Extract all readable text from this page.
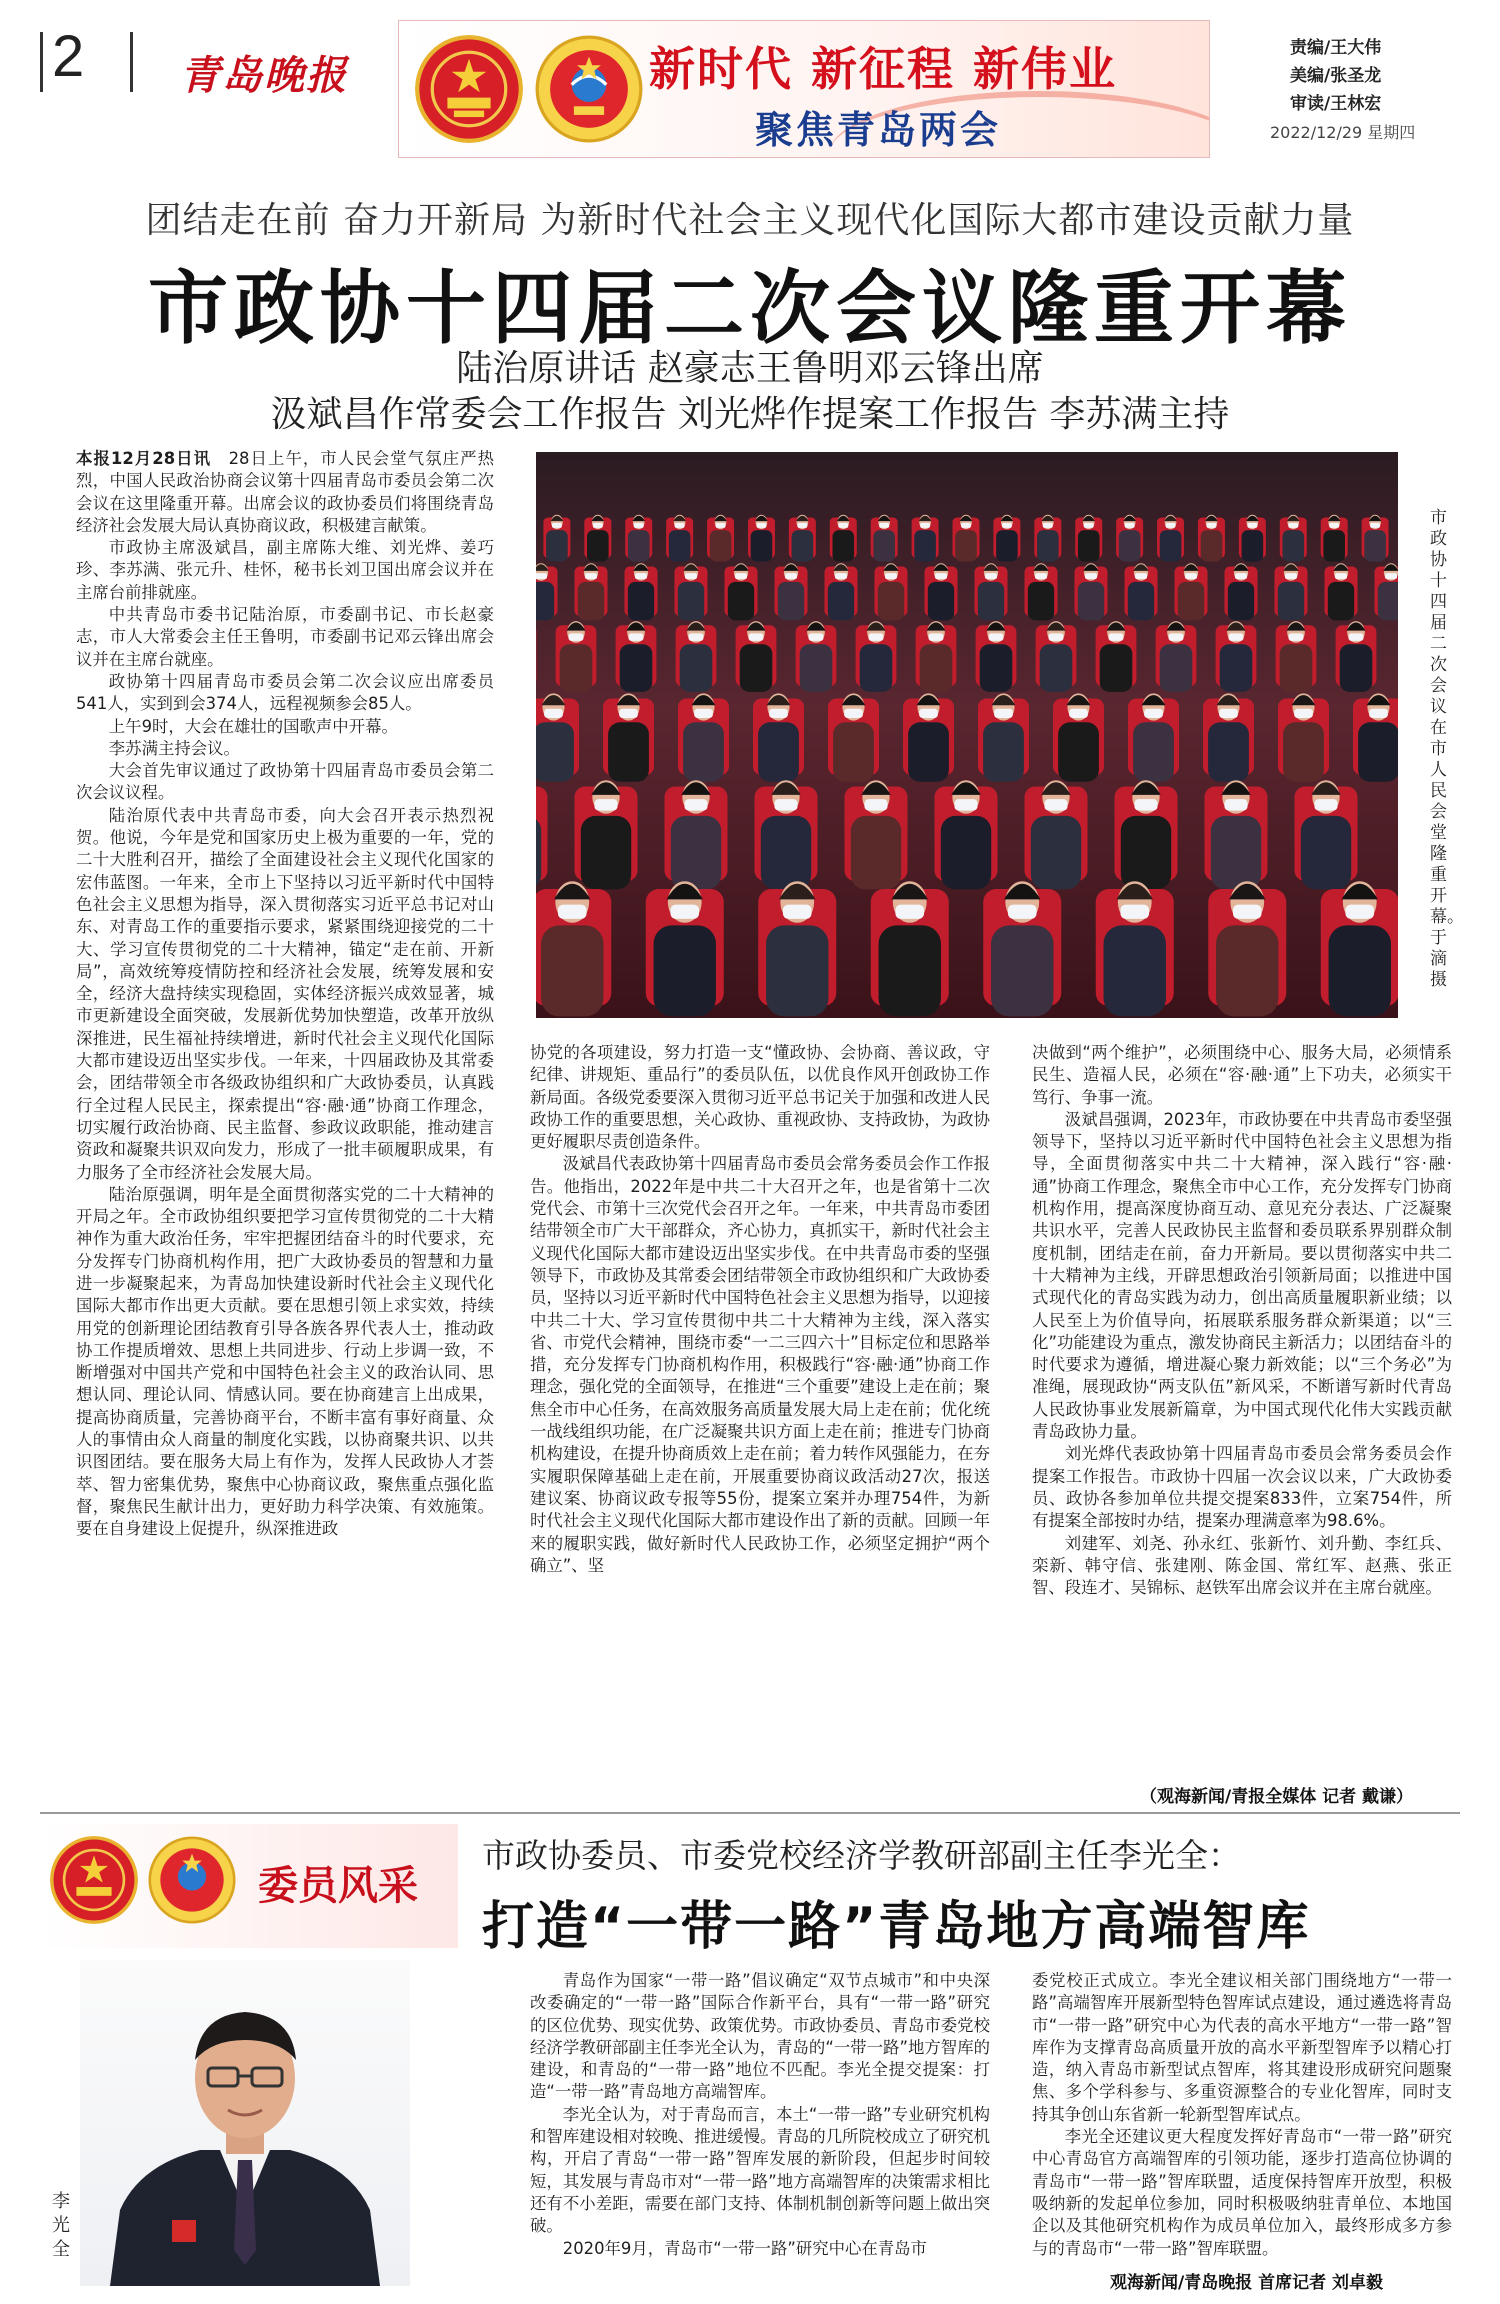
2 青岛晚报	新时代 新征程 新伟业
聚焦青岛两会
责编/王大伟
美编/张圣龙
审读/王林宏
2022/12/29 星期四
团结走在前 奋力开新局 为新时代社会主义现代化国际大都市建设贡献力量
市政协十四届二次会议隆重开幕
陆治原讲话 赵豪志王鲁明邓云锋出席
汲斌昌作常委会工作报告 刘光烨作提案工作报告 李苏满主持

本报12月28日讯　 28日上午，市人民会堂气氛庄严热烈，中国人民政治协商会议第十四届青岛市委员会第二次会议在这里隆重开幕。出席会议的政协委员们将围绕青岛经济社会发展大局认真协商议政，积极建言献策。

市政协主席汲斌昌，副主席陈大维、刘光烨、姜巧珍、李苏满、张元升、桂怀，秘书长刘卫国出席会议并在主席台前排就座。

中共青岛市委书记陆治原，市委副书记、市长赵豪志，市人大常委会主任王鲁明，市委副书记邓云锋出席会议并在主席台就座。

政协第十四届青岛市委员会第二次会议应出席委员541人，实到到会374人，远程视频参会85人。

上午9时，大会在雄壮的国歌声中开幕。

李苏满主持会议。

大会首先审议通过了政协第十四届青岛市委员会第二次会议议程。

陆治原代表中共青岛市委，向大会召开表示热烈祝贺。他说，今年是党和国家历史上极为重要的一年，党的二十大胜利召开，描绘了全面建设社会主义现代化国家的宏伟蓝图。一年来，全市上下坚持以习近平新时代中国特色社会主义思想为指导，深入贯彻落实习近平总书记对山东、对青岛工作的重要指示要求，紧紧围绕迎接党的二十大、学习宣传贯彻党的二十大精神，锚定“走在前、开新局”，高效统筹疫情防控和经济社会发展，统筹发展和安全，经济大盘持续实现稳固，实体经济振兴成效显著，城市更新建设全面突破，发展新优势加快塑造，改革开放纵深推进，民生福祉持续增进，新时代社会主义现代化国际大都市建设迈出坚实步伐。一年来，十四届政协及其常委会，团结带领全市各级政协组织和广大政协委员，认真践行全过程人民民主，探索提出“容·融·通”协商工作理念，切实履行政治协商、民主监督、参政议政职能，推动建言资政和凝聚共识双向发力，形成了一批丰硕履职成果，有力服务了全市经济社会发展大局。

陆治原强调，明年是全面贯彻落实党的二十大精神的开局之年。全市政协组织要把学习宣传贯彻党的二十大精神作为重大政治任务，牢牢把握团结奋斗的时代要求，充分发挥专门协商机构作用，把广大政协委员的智慧和力量进一步凝聚起来，为青岛加快建设新时代社会主义现代化国际大都市作出更大贡献。要在思想引领上求实效，持续用党的创新理论团结教育引导各族各界代表人士，推动政协工作提质增效、思想上共同进步、行动上步调一致，不断增强对中国共产党和中国特色社会主义的政治认同、思想认同、理论认同、情感认同。要在协商建言上出成果，提高协商质量，完善协商平台，不断丰富有事好商量、众人的事情由众人商量的制度化实践，以协商聚共识、以共识图团结。要在服务大局上有作为，发挥人民政协人才荟萃、智力密集优势，聚焦中心协商议政，聚焦重点强化监督，聚焦民生献计出力，更好助力科学决策、有效施策。要在自身建设上促提升，纵深推进政

市政协十四届二次会议在市人民会堂隆重开幕。 于滴 摄

协党的各项建设，努力打造一支“懂政协、会协商、善议政，守纪律、讲规矩、重品行”的委员队伍，以优良作风开创政协工作新局面。各级党委要深入贯彻习近平总书记关于加强和改进人民政协工作的重要思想，关心政协、重视政协、支持政协，为政协更好履职尽责创造条件。

汲斌昌代表政协第十四届青岛市委员会常务委员会作工作报告。他指出，2022年是中共二十大召开之年，也是省第十二次党代会、市第十三次党代会召开之年。一年来，中共青岛市委团结带领全市广大干部群众，齐心协力，真抓实干，新时代社会主义现代化国际大都市建设迈出坚实步伐。在中共青岛市委的坚强领导下，市政协及其常委会团结带领全市政协组织和广大政协委员，坚持以习近平新时代中国特色社会主义思想为指导，以迎接中共二十大、学习宣传贯彻中共二十大精神为主线，深入落实省、市党代会精神，围绕市委“一二三四六十”目标定位和思路举措，充分发挥专门协商机构作用，积极践行“容·融·通”协商工作理念，强化党的全面领导，在推进“三个重要”建设上走在前；聚焦全市中心任务，在高效服务高质量发展大局上走在前；优化统一战线组织功能，在广泛凝聚共识方面上走在前；推进专门协商机构建设，在提升协商质效上走在前；着力转作风强能力，在夯实履职保障基础上走在前，开展重要协商议政活动27次，报送建议案、协商议政专报等55份，提案立案并办理754件，为新时代社会主义现代化国际大都市建设作出了新的贡献。回顾一年来的履职实践，做好新时代人民政协工作，必须坚定拥护“两个确立”、坚

决做到“两个维护”，必须围绕中心、服务大局，必须情系民生、造福人民，必须在“容·融·通”上下功夫，必须实干笃行、争事一流。

汲斌昌强调，2023年，市政协要在中共青岛市委坚强领导下，坚持以习近平新时代中国特色社会主义思想为指导，全面贯彻落实中共二十大精神，深入践行“容·融·通”协商工作理念，聚焦全市中心工作，充分发挥专门协商机构作用，提高深度协商互动、意见充分表达、广泛凝聚共识水平，完善人民政协民主监督和委员联系界别群众制度机制，团结走在前，奋力开新局。要以贯彻落实中共二十大精神为主线，开辟思想政治引领新局面；以推进中国式现代化的青岛实践为动力，创出高质量履职新业绩；以人民至上为价值导向，拓展联系服务群众新渠道；以“三化”功能建设为重点，激发协商民主新活力；以团结奋斗的时代要求为遵循，增进凝心聚力新效能；以“三个务必”为准绳，展现政协“两支队伍”新风采，不断谱写新时代青岛人民政协事业发展新篇章，为中国式现代化伟大实践贡献青岛政协力量。

刘光烨代表政协第十四届青岛市委员会常务委员会作提案工作报告。市政协十四届一次会议以来，广大政协委员、政协各参加单位共提交提案833件，立案754件，所有提案全部按时办结，提案办理满意率为98.6%。

刘建军、刘尧、孙永红、张新竹、刘升勤、李红兵、栾新、韩守信、张建刚、陈金国、常红军、赵燕、张正智、段连才、吴锦标、赵铁军出席会议并在主席台就座。

（观海新闻/青报全媒体 记者 戴谦）
委员风采
市政协委员、市委党校经济学教研部副主任李光全：
打造“一带一路”青岛地方高端智库
李光全

青岛作为国家“一带一路”倡议确定“双节点城市”和中央深改委确定的“一带一路”国际合作新平台，具有“一带一路”研究的区位优势、现实优势、政策优势。市政协委员、青岛市委党校经济学教研部副主任李光全认为，青岛的“一带一路”地方智库的建设，和青岛的“一带一路”地位不匹配。李光全提交提案：打造“一带一路”青岛地方高端智库。

李光全认为，对于青岛而言，本土“一带一路”专业研究机构和智库建设相对较晚、推进缓慢。青岛的几所院校成立了研究机构，开启了青岛“一带一路”智库发展的新阶段，但起步时间较短，其发展与青岛市对“一带一路”地方高端智库的决策需求相比还有不小差距，需要在部门支持、体制机制创新等问题上做出突破。

2020年9月，青岛市“一带一路”研究中心在青岛市

委党校正式成立。李光全建议相关部门围绕地方“一带一路”高端智库开展新型特色智库试点建设，通过遴选将青岛市“一带一路”研究中心为代表的高水平地方“一带一路”智库作为支撑青岛高质量开放的高水平新型智库予以精心打造，纳入青岛市新型试点智库，将其建设形成研究问题聚焦、多个学科参与、多重资源整合的专业化智库，同时支持其争创山东省新一轮新型智库试点。

李光全还建议更大程度发挥好青岛市“一带一路”研究中心青岛官方高端智库的引领功能，逐步打造高位协调的青岛市“一带一路”智库联盟，适度保持智库开放型，积极吸纳新的发起单位参加，同时积极吸纳驻青单位、本地国企以及其他研究机构作为成员单位加入，最终形成多方参与的青岛市“一带一路”智库联盟。

观海新闻/青岛晚报 首席记者 刘卓毅
